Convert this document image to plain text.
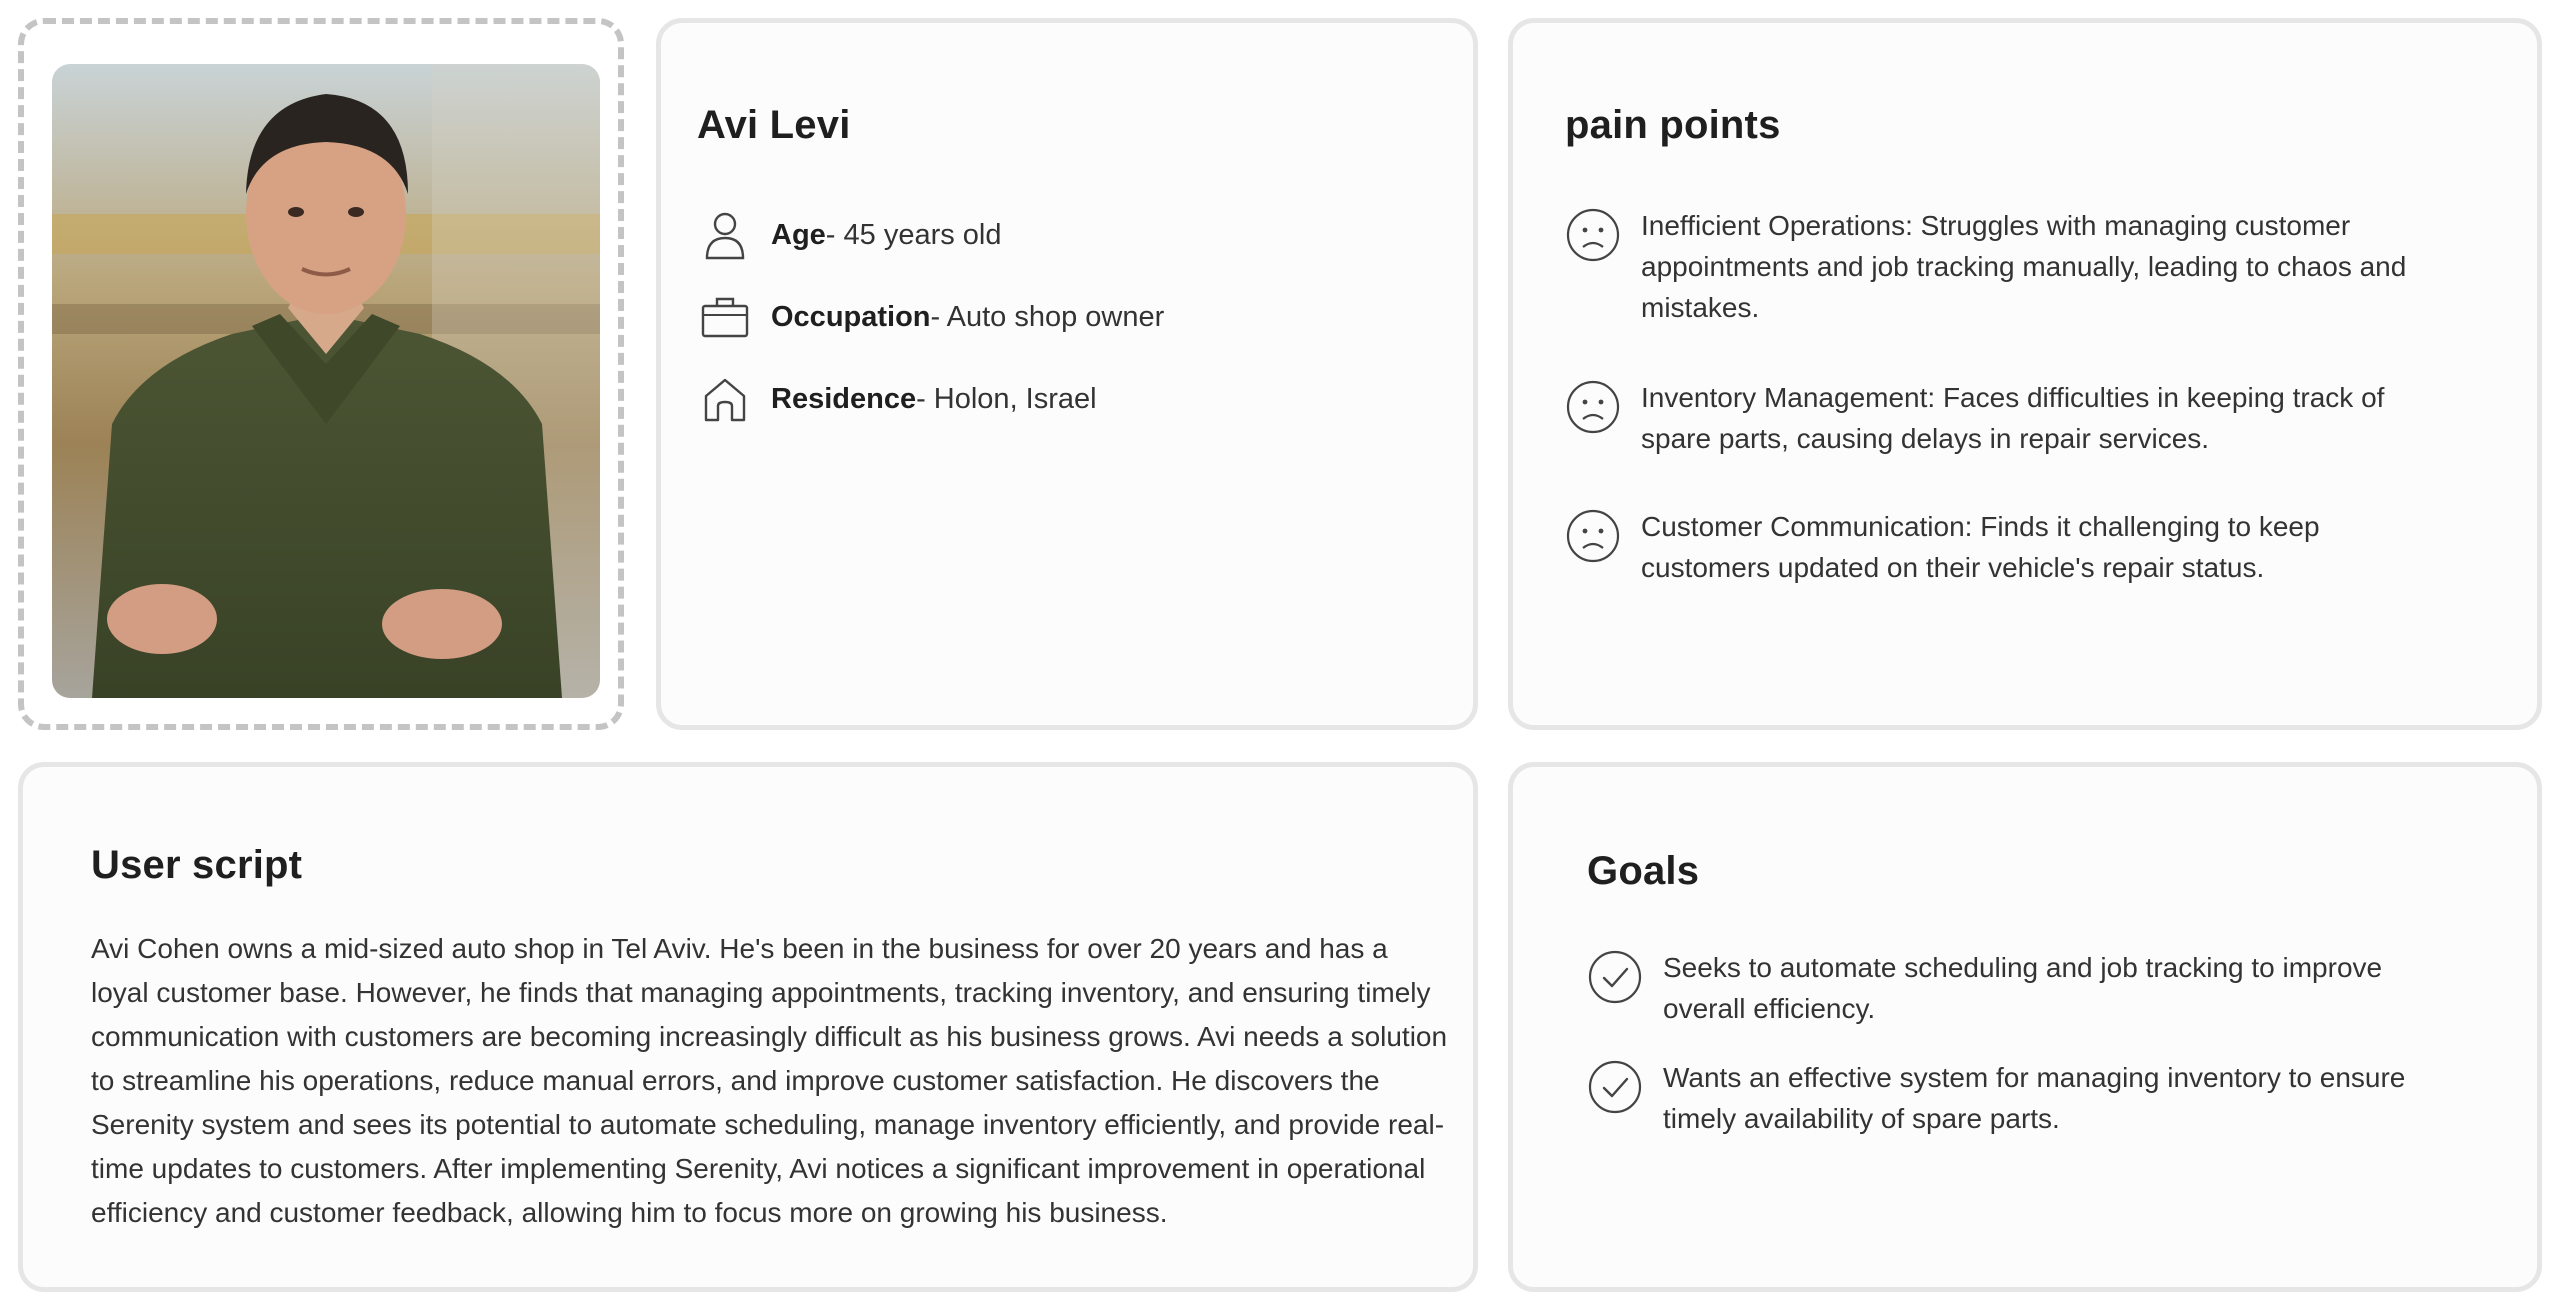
Avi Levi
Age - 45 years old
Occupation - Auto shop owner
Residence - Holon, Israel
pain points
Inefficient Operations: Struggles with managing customer appointments and job tracking manually, leading to chaos and mistakes.
Inventory Management: Faces difficulties in keeping track of spare parts, causing delays in repair services.
Customer Communication: Finds it challenging to keep customers updated on their vehicle's repair status.
User script

Avi Cohen owns a mid-sized auto shop in Tel Aviv. He's been in the business for over 20 years and has a loyal customer base. However, he finds that managing appointments, tracking inventory, and ensuring timely communication with customers are becoming increasingly difficult as his business grows. Avi needs a solution to streamline his operations, reduce manual errors, and improve customer satisfaction. He discovers the Serenity system and sees its potential to automate scheduling, manage inventory efficiently, and provide real-time updates to customers. After implementing Serenity, Avi notices a significant improvement in operational efficiency and customer feedback, allowing him to focus more on growing his business.

Goals
Seeks to automate scheduling and job tracking to improve overall efficiency.
Wants an effective system for managing inventory to ensure timely availability of spare parts.
